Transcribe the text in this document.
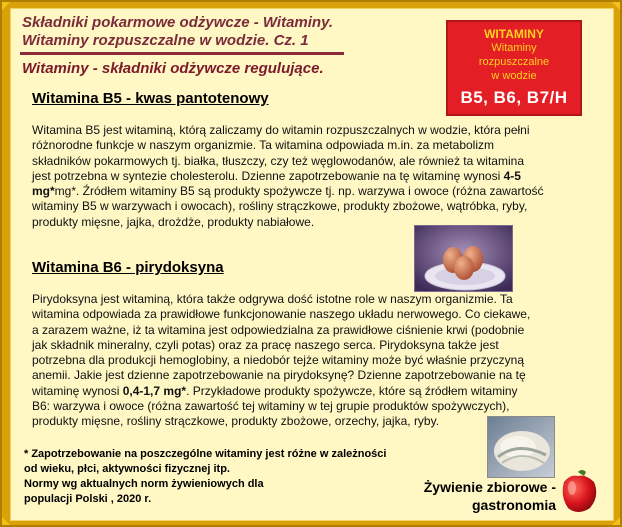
Składniki pokarmowe odżywcze - Witaminy.
Witaminy rozpuszczalne w wodzie. Cz. 1
Witaminy - składniki odżywcze regulujące.
WITAMINY
Witaminy
rozpuszczalne
w wodzie
B5, B6, B7/H
Witamina B5 - kwas pantotenowy
Witamina B5 jest witaminą, którą zaliczamy do witamin rozpuszczalnych w wodzie, która pełni
różnorodne funkcje w naszym organizmie. Ta witamina odpowiada m.in. za metabolizm
składników pokarmowych tj. białka, tłuszczy, czy też węglowodanów, ale również ta witamina
jest potrzebna w syntezie cholesterolu. Dzienne zapotrzebowanie na tę witaminę wynosi 4-5
mg*mg*. Źródłem witaminy B5 są produkty spożywcze tj. np. warzywa i owoce (różna zawartość
witaminy B5 w warzywach i owocach), rośliny strączkowe, produkty zbożowe, wątróbka, ryby,
produkty mięsne, jajka, drożdże, produkty nabiałowe.
Witamina B6 - pirydoksyna
Pirydoksyna jest witaminą, która także odgrywa dość istotne role w naszym organizmie. Ta
witamina odpowiada za prawidłowe funkcjonowanie naszego układu nerwowego. Co ciekawe,
a zarazem ważne, iż ta witamina jest odpowiedzialna za prawidłowe ciśnienie krwi (podobnie
jak składnik mineralny, czyli potas) oraz za pracę naszego serca. Pirydoksyna także jest
potrzebna dla produkcji hemoglobiny, a niedobór tejże witaminy może być właśnie przyczyną
anemii. Jakie jest dzienne zapotrzebowanie na pirydoksynę? Dzienne zapotrzebowanie na tę
witaminę wynosi 0,4-1,7 mg*. Przykładowe produkty spożywcze, które są źródłem witaminy
B6: warzywa i owoce (różna zawartość tej witaminy w tej grupie produktów spożywczych),
produkty mięsne, rośliny strączkowe, produkty zbożowe, orzechy, jajka, ryby.
* Zapotrzebowanie na poszczególne witaminy jest różne w zależności
od wieku, płci, aktywności fizycznej itp.
Normy wg aktualnych norm żywieniowych dla
populacji Polski , 2020 r.
Żywienie zbiorowe -
gastronomia
